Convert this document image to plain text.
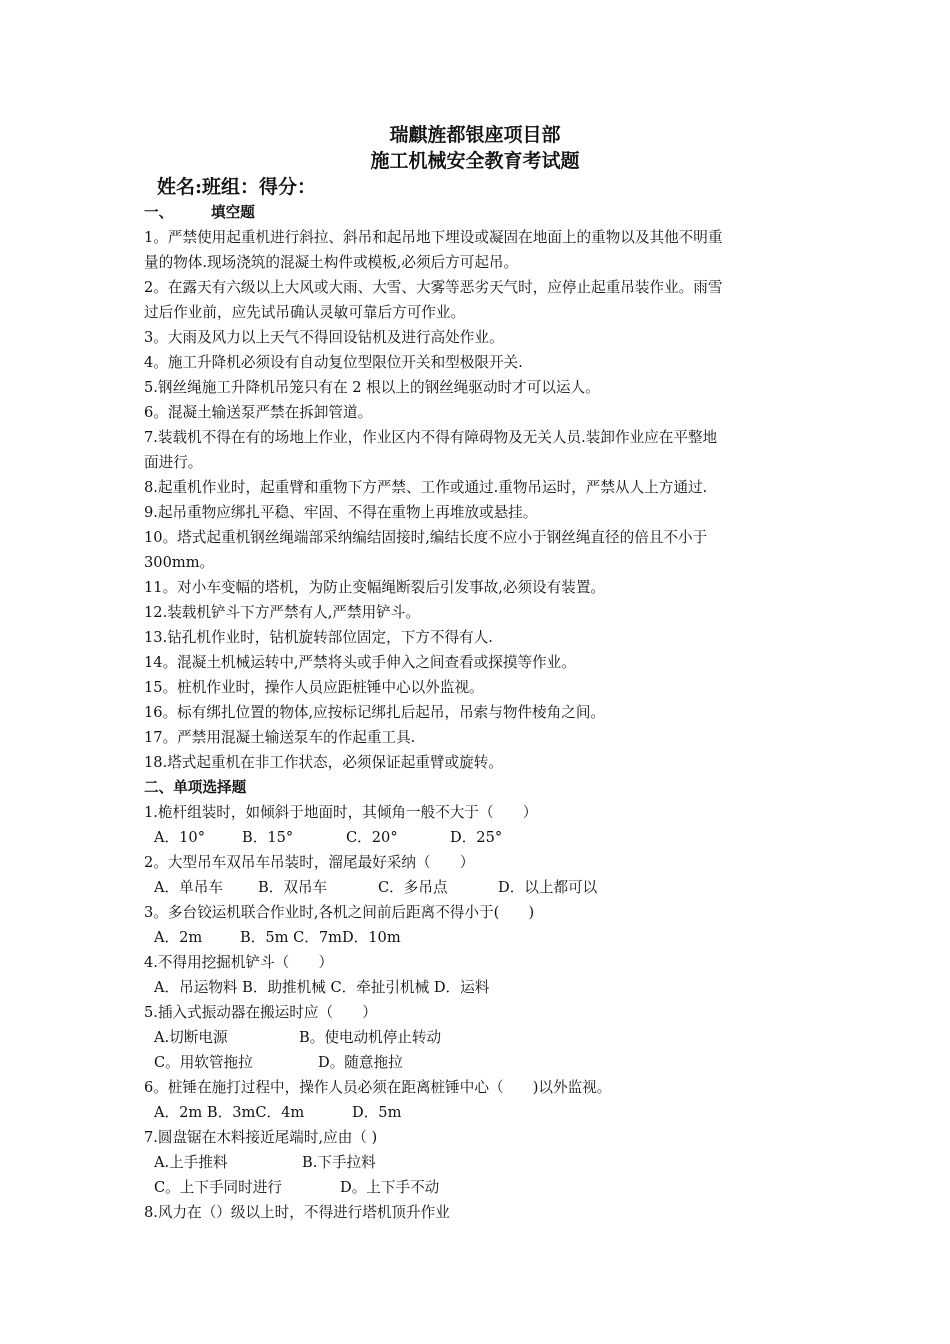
瑞麒旌都银座项目部
施工机械安全教育考试题
姓名:班组：得分：
一、	填空题
1。严禁使用起重机进行斜拉、斜吊和起吊地下埋设或凝固在地面上的重物以及其他不明重
量的物体.现场浇筑的混凝土构件或模板,必须后方可起吊。
2。在露天有六级以上大风或大雨、大雪、大雾等恶劣天气时，应停止起重吊装作业。雨雪
过后作业前，应先试吊确认灵敏可靠后方可作业。
3。大雨及风力以上天气不得回设钻机及进行高处作业。
4。施工升降机必须设有自动复位型限位开关和型极限开关.
5.钢丝绳施工升降机吊笼只有在 2 根以上的钢丝绳驱动时才可以运人。
6。混凝土输送泵严禁在拆卸管道。
7.装载机不得在有的场地上作业，作业区内不得有障碍物及无关人员.装卸作业应在平整地
面进行。
8.起重机作业时，起重臂和重物下方严禁、工作或通过.重物吊运时，严禁从人上方通过.
9.起吊重物应绑扎平稳、牢固、不得在重物上再堆放或悬挂。
10。塔式起重机钢丝绳端部采纳编结固接时,编结长度不应小于钢丝绳直径的倍且不小于
300mm。
11。对小车变幅的塔机，为防止变幅绳断裂后引发事故,必须设有装置。
12.装载机铲斗下方严禁有人,严禁用铲斗。
13.钻孔机作业时，钻机旋转部位固定，下方不得有人.
14。混凝土机械运转中,严禁将头或手伸入之间查看或探摸等作业。
15。桩机作业时，操作人员应距桩锤中心以外监视。
16。标有绑扎位置的物体,应按标记绑扎后起吊，吊索与物件棱角之间。
17。严禁用混凝土输送泵车的作起重工具.
18.塔式起重机在非工作状态，必须保证起重臂或旋转。
二、单项选择题
1.桅杆组装时，如倾斜于地面时，其倾角一般不大于（　　）
A．10°	B．15°	C．20°	D．25°
2。大型吊车双吊车吊装时，溜尾最好采纳（　　）
A．单吊车 B．双吊车	C．多吊点	D．以上都可以
3。多台铰运机联合作业时,各机之间前后距离不得小于(　　)
A．2m	B．5m C．7mD．10m
4.不得用挖掘机铲斗（　　）
A．吊运物料 B．助推机械 C．牵扯引机械 D．运料
5.插入式振动器在搬运时应（　　）
A.切断电源	B。使电动机停止转动
C。用软管拖拉	D。随意拖拉
6。桩锤在施打过程中，操作人员必须在距离桩锤中心（　　)以外监视。
A．2m B．3mC．4m	D．5m
7.圆盘锯在木料接近尾端时,应由（ )
A.上手推料	B.下手拉料
C。上下手同时进行	D。上下手不动
8.风力在（）级以上时，不得进行塔机顶升作业
